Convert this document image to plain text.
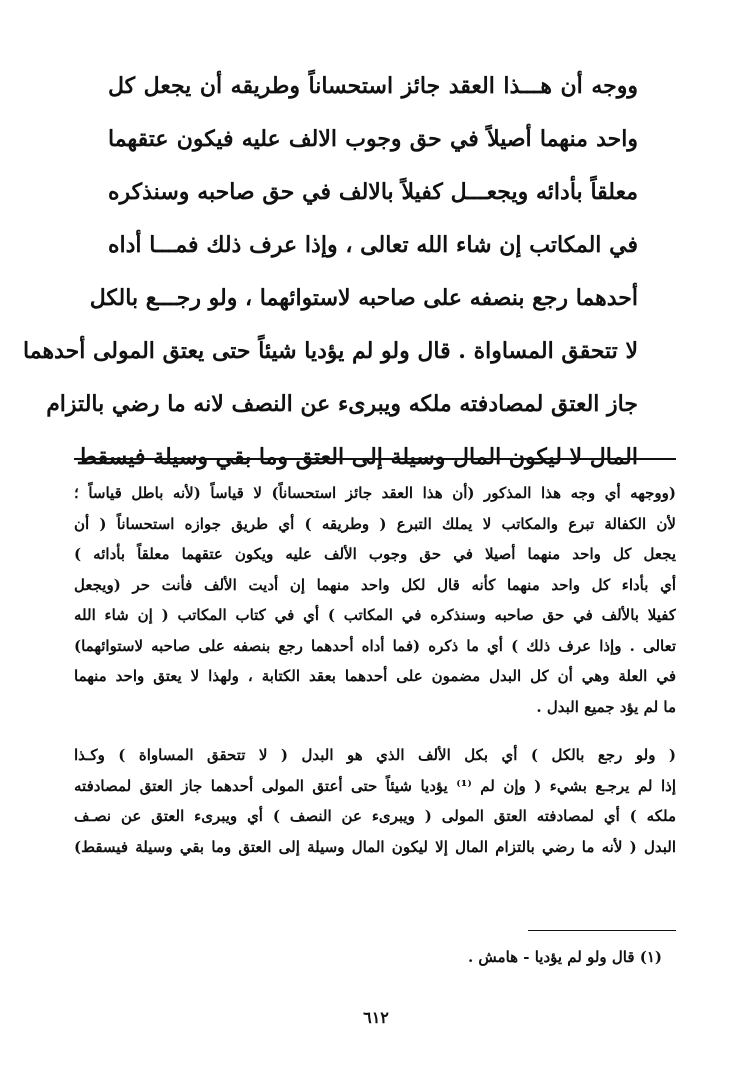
ووجه أن هـــذا العقد جائز استحساناً وطريقه أن يجعل كل
واحد منهما أصيلاً في حق وجوب الالف عليه فيكون عتقهما
معلقاً بأدائه ويجعـــل كفيلاً بالالف في حق صاحبه وسنذكره
في المكاتب إن شاء الله تعالى ، وإذا عرف ذلك فمـــا أداه
أحدهما رجع بنصفه على صاحبه لاستوائهما ، ولو رجـــع بالكل
لا تتحقق المساواة . قال ولو لم يؤديا شيئاً حتى يعتق المولى أحدهما
جاز العتق لمصادفته ملكه ويبرىء عن النصف لانه ما رضي بالتزام
المال لا ليكون المال وسيلة إلى العتق وما بقي وسيلة فيسقط
(ووجهه أي وجه هذا المذكور (أن هذا العقد جائز استحساناً) لا قياساً (لأنه باطل قياساً ؛
لأن الكفالة تبرع والمكاتب لا يملك التبرع ( وطريقه ) أي طريق جوازه استحساناً ( أن
يجعل كل واحد منهما أصيلا في حق وجوب الألف عليه ويكون عتقهما معلقاً بأدائه )
أي بأداء كل واحد منهما كأنه قال لكل واحد منهما إن أديت الألف فأنت حر (ويجعل
كفيلا بالألف في حق صاحبه وسنذكره في المكاتب ) أي في كتاب المكاتب ( إن شاء الله
تعالى . وإذا عرف ذلك ) أي ما ذكره (فما أداه أحدهما رجع بنصفه على صاحبه لاستوائهما)
في العلة وهي أن كل البدل مضمون على أحدهما بعقد الكتابة ، ولهذا لا يعتق واحد منهما
ما لم يؤد جميع البدل .
( ولو رجع بالكل ) أي بكل الألف الذي هو البدل ( لا تتحقق المساواة ) وكـذا
إذا لم يرجـع بشيء ( وإن لم ⁽¹⁾ يؤديا شيئاً حتى أعتق المولى أحدهما جاز العتق لمصادفته
ملكه ) أي لمصادفته العتق المولى ( ويبرىء عن النصف ) أي ويبرىء العتق عن نصـف
البدل ( لأنه ما رضي بالتزام المال إلا ليكون المال وسيلة إلى العتق وما بقي وسيلة فيسقط)
(١) قال ولو لم يؤديا - هامش .
٦١٢
